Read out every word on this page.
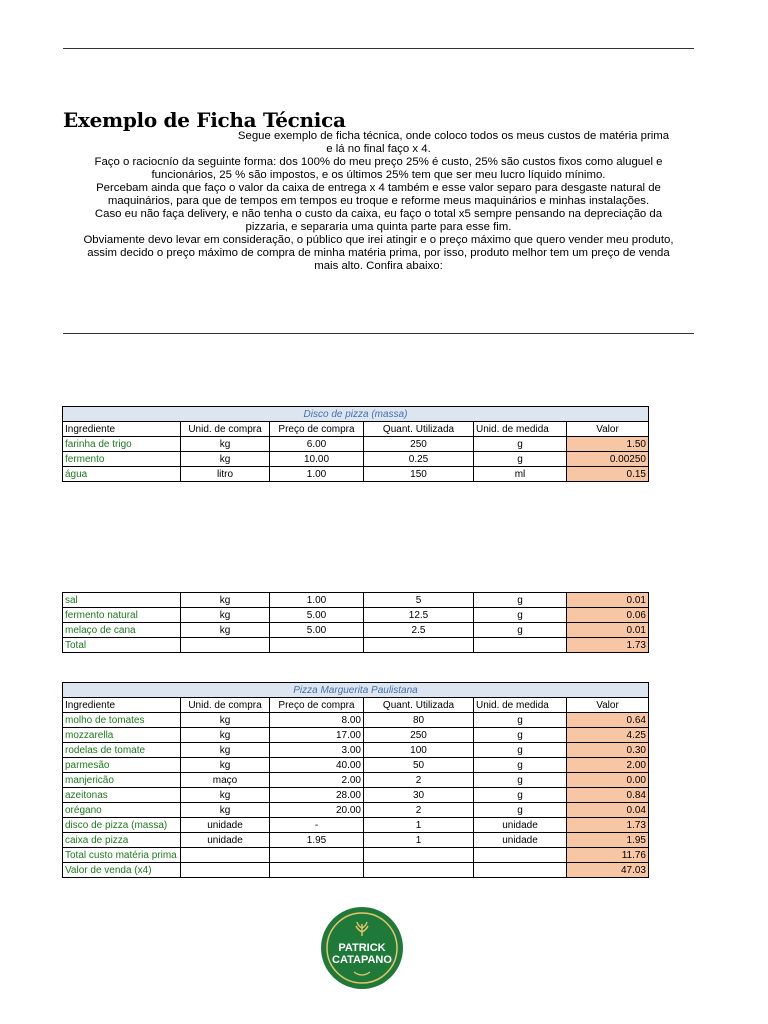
Exemplo de Ficha Técnica

Segue exemplo de ficha técnica, onde coloco todos os meus custos de matéria prima

e lá no final faço x 4.

Faço o raciocnío da seguinte forma: dos 100% do meu preço 25% é custo, 25% são custos fixos como aluguel e

funcionários, 25 % são impostos, e os últimos 25% tem que ser meu lucro líquido mínimo.

Percebam ainda que faço o valor da caixa de entrega x 4 também e esse valor separo para desgaste natural de

maquinários, para que de tempos em tempos eu troque e reforme meus maquinários e minhas instalações.

Caso eu não faça delivery, e não tenha o custo da caixa, eu faço o total x5 sempre pensando na depreciação da

pizzaria, e separaria uma quinta parte para esse fim.

Obviamente devo levar em consideração, o público que irei atingir e o preço máximo que quero vender meu produto,

assim decido o preço máximo de compra de minha matéria prima, por isso, produto melhor tem um preço de venda

mais alto. Confira abaixo:

Disco de pizza (massa)					
Ingrediente	Unid. de compra	Preço de compra	Quant. Utilizada	Unid. de medida	Valor
farinha de trigo	kg	6.00	250	g	1.50
fermento	kg	10.00	0.25	g	0.00250
água	litro	1.00	150	ml	0.15
sal	kg	1.00	5	g	0.01
fermento natural	kg	5.00	12.5	g	0.06
melaço de cana	kg	5.00	2.5	g	0.01
Total					1.73
Pizza Marguerita Paulistana					
Ingrediente	Unid. de compra	Preço de compra	Quant. Utilizada	Unid. de medida	Valor
molho de tomates	kg	8.00	80	g	0.64
mozzarella	kg	17.00	250	g	4.25
rodelas de tomate	kg	3.00	100	g	0.30
parmesão	kg	40.00	50	g	2.00
manjericão	maço	2.00	2	g	0.00
azeitonas	kg	28.00	30	g	0.84
orégano	kg	20.00	2	g	0.04
disco de pizza (massa)	unidade	-	1	unidade	1.73
caixa de pizza	unidade	1.95	1	unidade	1.95
Total custo matéria prima					11.76
Valor de venda (x4)					47.03
PATRICK
CATAPANO
